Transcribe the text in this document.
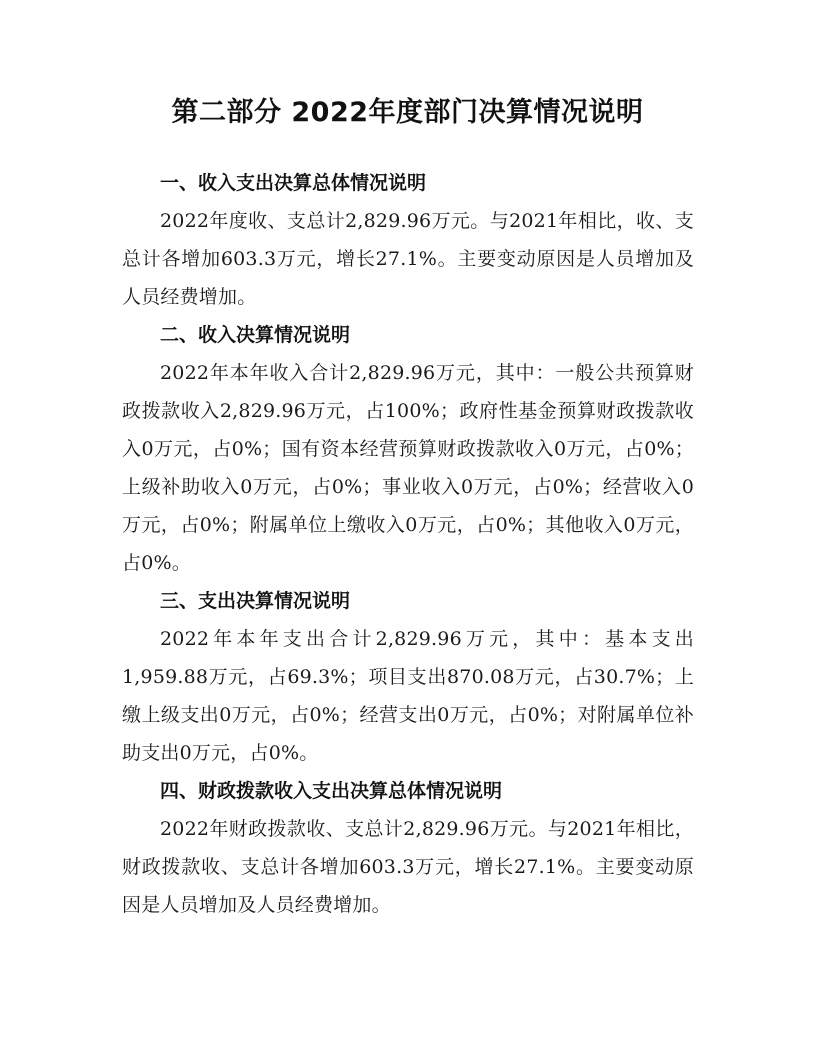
第二部分 2022年度部门决算情况说明

一、收入支出决算总体情况说明

2022年度收、支总计2,829.96万元。与2021年相比，收、支总计各增加603.3万元，增长27.1%。主要变动原因是人员增加及人员经费增加。

二、收入决算情况说明

2022年本年收入合计2,829.96万元，其中：一般公共预算财政拨款收入2,829.96万元，占100%；政府性基金预算财政拨款收入0万元，占0%；国有资本经营预算财政拨款收入0万元，占0%；上级补助收入0万元，占0%；事业收入0万元，占0%；经营收入0万元，占0%；附属单位上缴收入0万元，占0%；其他收入0万元，占0%。

三、支出决算情况说明

2022年本年支出合计2,829.96万元，其中：基本支出1,959.88万元，占69.3%；项目支出870.08万元，占30.7%；上缴上级支出0万元，占0%；经营支出0万元，占0%；对附属单位补助支出0万元，占0%。

四、财政拨款收入支出决算总体情况说明

2022年财政拨款收、支总计2,829.96万元。与2021年相比，财政拨款收、支总计各增加603.3万元，增长27.1%。主要变动原因是人员增加及人员经费增加。
